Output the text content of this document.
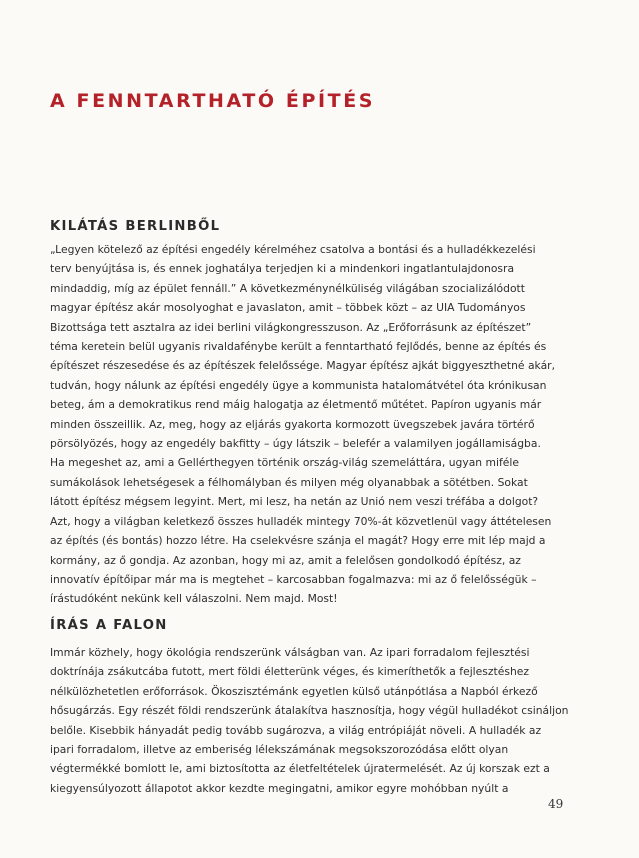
A FENNTARTHATÓ ÉPÍTÉS
KILÁTÁS BERLINBŐL
„Legyen kötelező az építési engedély kérelméhez csatolva a bontási és a hulladékkezelési
terv benyújtása is, és ennek joghatálya terjedjen ki a mindenkori ingatlantulajdonosra
mindaddig, míg az épület fennáll.” A következménynélküliség világában szocializálódott
magyar építész akár mosolyoghat e javaslaton, amit – többek közt – az UIA Tudományos
Bizottsága tett asztalra az idei berlini világkongresszuson. Az „Erőforrásunk az építészet”
téma keretein belül ugyanis rivaldafénybe került a fenntartható fejlődés, benne az építés és
építészet részesedése és az építészek felelőssége. Magyar építész ajkát biggyeszthetné akár,
tudván, hogy nálunk az építési engedély ügye a kommunista hatalomátvétel óta krónikusan
beteg, ám a demokratikus rend máig halogatja az életmentő műtétet. Papíron ugyanis már
minden összeillik. Az, meg, hogy az eljárás gyakorta kormozott üvegszebek javára törtérő
pörsölyözés, hogy az engedély bakfitty – úgy látszik – belefér a valamilyen jogállamiságba.
Ha megeshet az, ami a Gellérthegyen történik ország-világ szemeláttára, ugyan miféle
sumákolások lehetségesek a félhomályban és milyen még olyanabbak a sötétben. Sokat
látott építész mégsem legyint. Mert, mi lesz, ha netán az Unió nem veszi tréfába a dolgot?
Azt, hogy a világban keletkező összes hulladék mintegy 70%-át közvetlenül vagy áttételesen
az építés (és bontás) hozzo létre. Ha cselekvésre szánja el magát? Hogy erre mit lép majd a
kormány, az ő gondja. Az azonban, hogy mi az, amit a felelősen gondolkodó építész, az
innovatív építőipar már ma is megtehet – karcosabban fogalmazva: mi az ő felelősségük –
írástudóként nekünk kell válaszolni. Nem majd. Most!
ÍRÁS A FALON
Immár közhely, hogy ökológia rendszerünk válságban van. Az ipari forradalom fejlesztési
doktrínája zsákutcába futott, mert földi életterünk véges, és kimeríthetők a fejlesztéshez
nélkülözhetetlen erőforrások. Ökoszisztémánk egyetlen külső utánpótlása a Napból érkező
hősugárzás. Egy részét földi rendszerünk átalakítva hasznosítja, hogy végül hulladékot csináljon
belőle. Kisebbik hányadát pedig tovább sugározva, a világ entrópiáját növeli. A hulladék az
ipari forradalom, illetve az emberiség lélekszámának megsokszorozódása előtt olyan
végtermékké bomlott le, ami biztosította az életfeltételek újratermelését. Az új korszak ezt a
kiegyensúlyozott állapotot akkor kezdte megingatni, amikor egyre mohóbban nyúlt a
49
